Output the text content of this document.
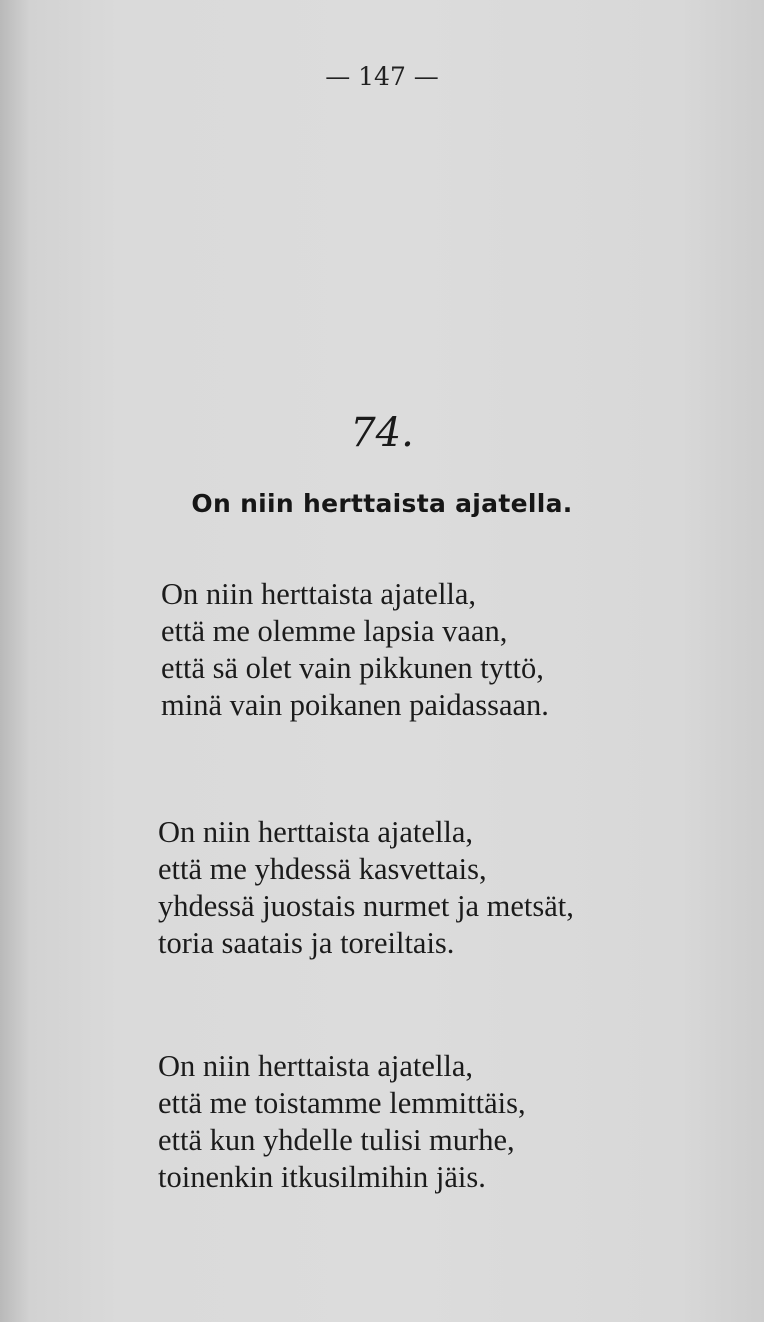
— 147 —
74.
On niin herttaista ajatella.
On niin herttaista ajatella,
että me olemme lapsia vaan,
että sä olet vain pikkunen tyttö,
minä vain poikanen paidassaan.
On niin herttaista ajatella,
että me yhdessä kasvettais,
yhdessä juostais nurmet ja metsät,
toria saatais ja toreiltais.
On niin herttaista ajatella,
että me toistamme lemmittäis,
että kun yhdelle tulisi murhe,
toinenkin itkusilmihin jäis.
